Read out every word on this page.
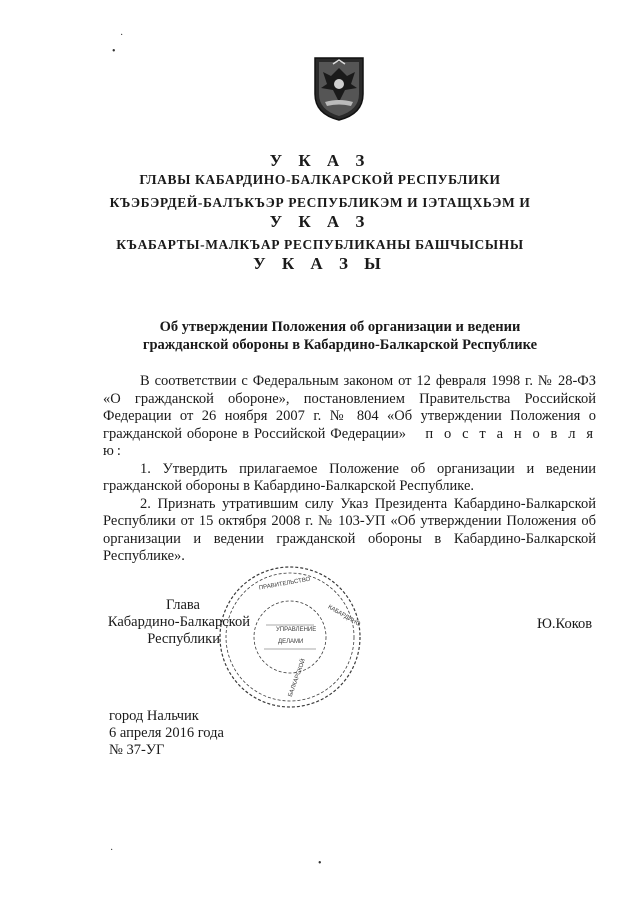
У К А З
ГЛАВЫ КАБАРДИНО-БАЛКАРСКОЙ РЕСПУБЛИКИ
КЪЭБЭРДЕЙ-БАЛЪКЪЭР РЕСПУБЛИКЭМ И ІЭТАЩХЬЭМ И
У К А З
КЪАБАРТЫ-МАЛКЪАР РЕСПУБЛИКАНЫ БАШЧЫСЫНЫ
У К А З Ы
Об утверждении Положения об организации и ведении
гражданской обороны в Кабардино-Балкарской Республике

В соответствии с Федеральным законом от 12 февраля 1998 г. № 28-ФЗ «О гражданской обороне», постановлением Правительства Российской Федерации от 26 ноября 2007 г. № 804 «Об утверждении Положения о гражданской обороне в Российской Федерации» п о с т а н о в л я ю:

1. Утвердить прилагаемое Положение об организации и ведении гражданской обороны в Кабардино-Балкарской Республике.

2. Признать утратившим силу Указ Президента Кабардино-Балкарской Республики от 15 октября 2008 г. № 103-УП «Об утверждении Положения об организации и ведении гражданской обороны в Кабардино-Балкарской Республике».

ПРАВИТЕЛЬСТВО
КАБАРДИНО
БАЛКАРСКОЙ
УПРАВЛЕНИЕ
ДЕЛАМИ
Глава
Кабардино-Балкарской
Республики
Ю.Коков
город Нальчик
6 апреля 2016 года
№ 37-УГ
•
·
·
•
